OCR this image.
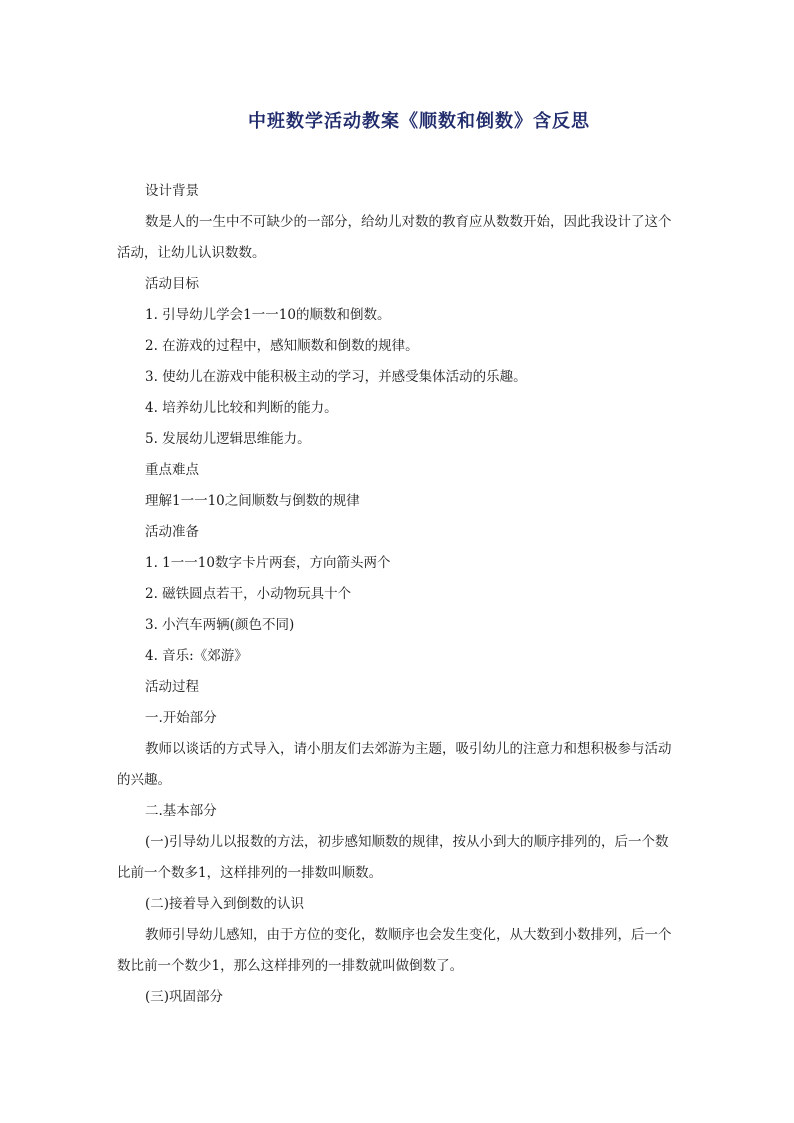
中班数学活动教案《顺数和倒数》含反思

设计背景

数是人的一生中不可缺少的一部分，给幼儿对数的教育应从数数开始，因此我设计了这个活动，让幼儿认识数数。

活动目标

1. 引导幼儿学会1一一10的顺数和倒数。

2. 在游戏的过程中，感知顺数和倒数的规律。

3. 使幼儿在游戏中能积极主动的学习，并感受集体活动的乐趣。

4. 培养幼儿比较和判断的能力。

5. 发展幼儿逻辑思维能力。

重点难点

理解1一一10之间顺数与倒数的规律

活动准备

1. 1一一10数字卡片两套，方向箭头两个

2. 磁铁圆点若干，小动物玩具十个

3. 小汽车两辆(颜色不同)

4. 音乐:《郊游》

活动过程

一.开始部分

教师以谈话的方式导入，请小朋友们去郊游为主题，吸引幼儿的注意力和想积极参与活动的兴趣。

二.基本部分

(一)引导幼儿以报数的方法，初步感知顺数的规律，按从小到大的顺序排列的，后一个数比前一个数多1，这样排列的一排数叫顺数。

(二)接着导入到倒数的认识

教师引导幼儿感知，由于方位的变化，数顺序也会发生变化，从大数到小数排列，后一个数比前一个数少1，那么这样排列的一排数就叫做倒数了。

(三)巩固部分
